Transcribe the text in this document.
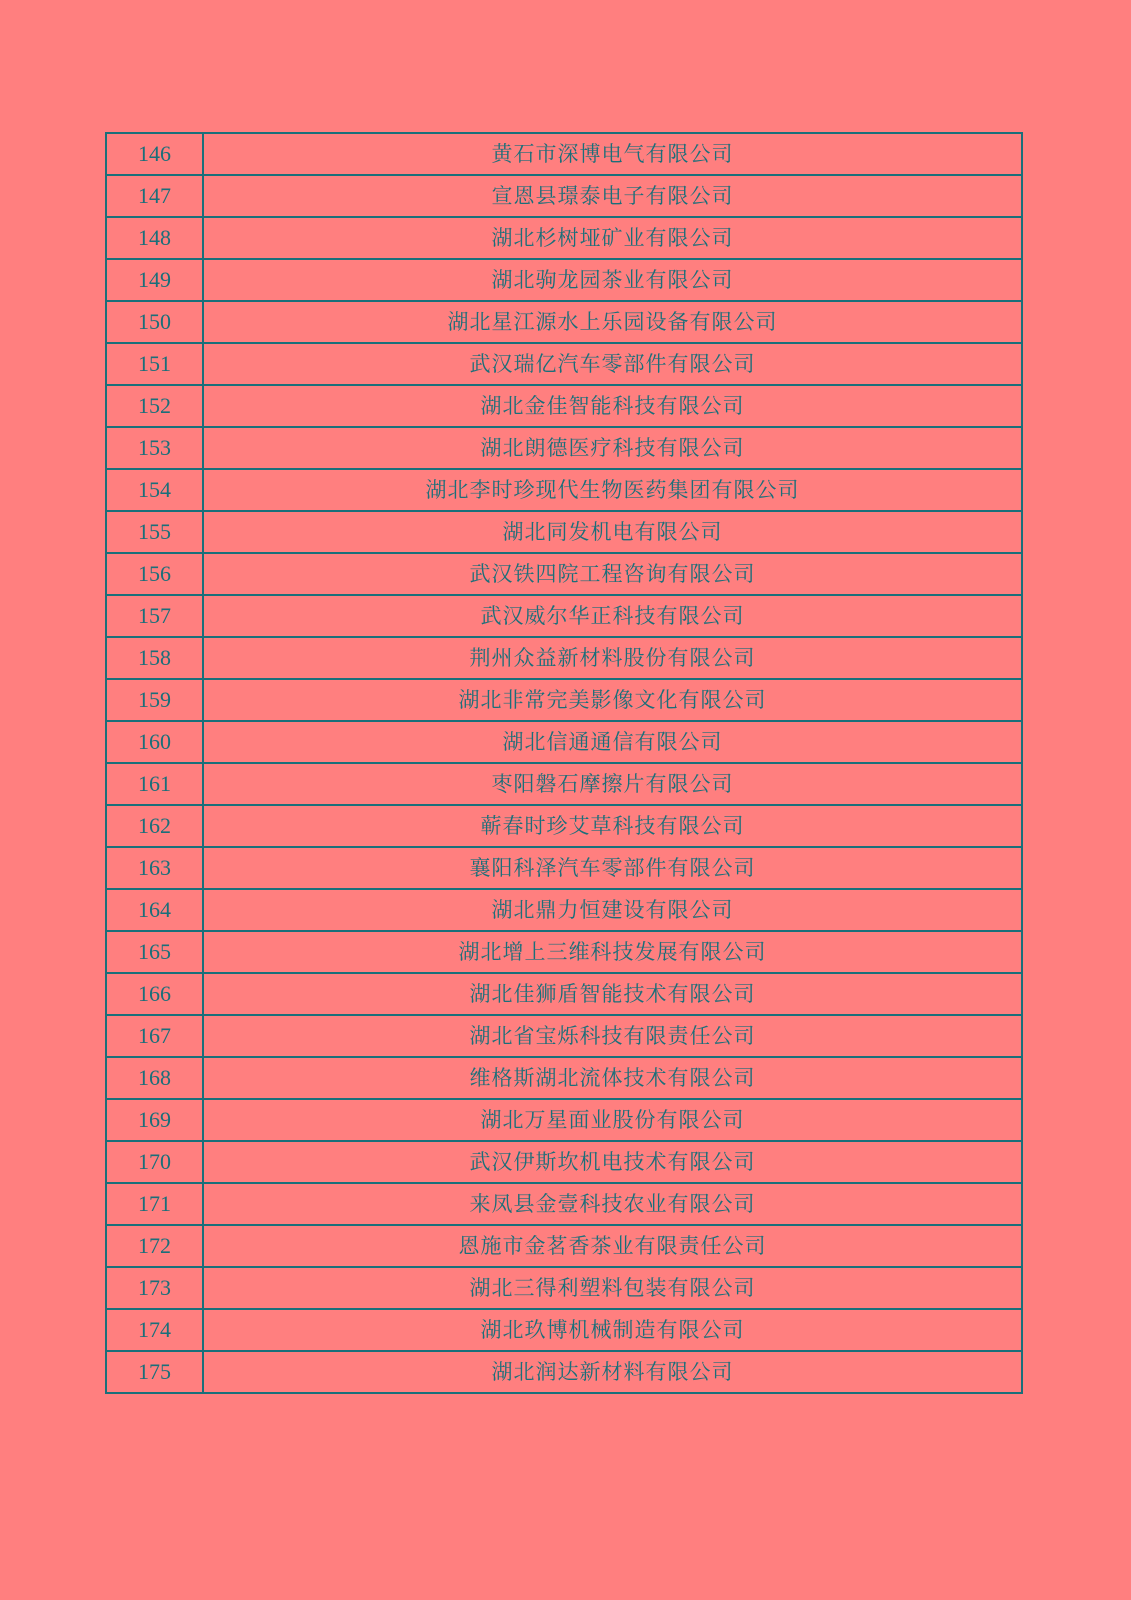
146	黄石市深博电气有限公司
147	宣恩县璟泰电子有限公司
148	湖北杉树垭矿业有限公司
149	湖北驹龙园茶业有限公司
150	湖北星江源水上乐园设备有限公司
151	武汉瑞亿汽车零部件有限公司
152	湖北金佳智能科技有限公司
153	湖北朗德医疗科技有限公司
154	湖北李时珍现代生物医药集团有限公司
155	湖北同发机电有限公司
156	武汉铁四院工程咨询有限公司
157	武汉威尔华正科技有限公司
158	荆州众益新材料股份有限公司
159	湖北非常完美影像文化有限公司
160	湖北信通通信有限公司
161	枣阳磐石摩擦片有限公司
162	蕲春时珍艾草科技有限公司
163	襄阳科泽汽车零部件有限公司
164	湖北鼎力恒建设有限公司
165	湖北增上三维科技发展有限公司
166	湖北佳狮盾智能技术有限公司
167	湖北省宝烁科技有限责任公司
168	维格斯湖北流体技术有限公司
169	湖北万星面业股份有限公司
170	武汉伊斯坎机电技术有限公司
171	来凤县金壹科技农业有限公司
172	恩施市金茗香茶业有限责任公司
173	湖北三得利塑料包装有限公司
174	湖北玖博机械制造有限公司
175	湖北润达新材料有限公司
